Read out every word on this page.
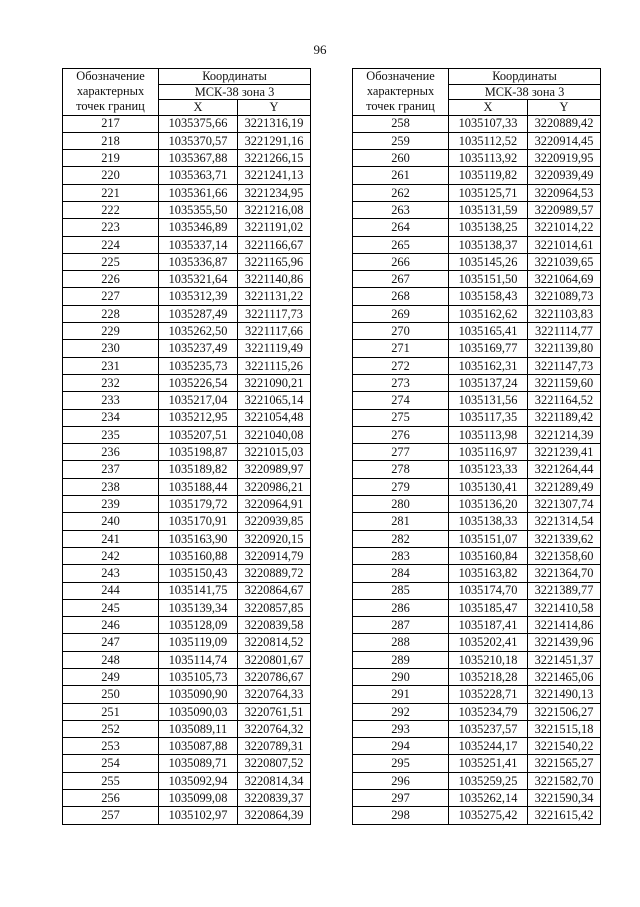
96
Обозначение
характерных
точек границ	Координаты	
	МСК-38 зона 3	
	X	Y
217	1035375,66	3221316,19
218	1035370,57	3221291,16
219	1035367,88	3221266,15
220	1035363,71	3221241,13
221	1035361,66	3221234,95
222	1035355,50	3221216,08
223	1035346,89	3221191,02
224	1035337,14	3221166,67
225	1035336,87	3221165,96
226	1035321,64	3221140,86
227	1035312,39	3221131,22
228	1035287,49	3221117,73
229	1035262,50	3221117,66
230	1035237,49	3221119,49
231	1035235,73	3221115,26
232	1035226,54	3221090,21
233	1035217,04	3221065,14
234	1035212,95	3221054,48
235	1035207,51	3221040,08
236	1035198,87	3221015,03
237	1035189,82	3220989,97
238	1035188,44	3220986,21
239	1035179,72	3220964,91
240	1035170,91	3220939,85
241	1035163,90	3220920,15
242	1035160,88	3220914,79
243	1035150,43	3220889,72
244	1035141,75	3220864,67
245	1035139,34	3220857,85
246	1035128,09	3220839,58
247	1035119,09	3220814,52
248	1035114,74	3220801,67
249	1035105,73	3220786,67
250	1035090,90	3220764,33
251	1035090,03	3220761,51
252	1035089,11	3220764,32
253	1035087,88	3220789,31
254	1035089,71	3220807,52
255	1035092,94	3220814,34
256	1035099,08	3220839,37
257	1035102,97	3220864,39
Обозначение
характерных
точек границ	Координаты	
	МСК-38 зона 3	
	X	Y
258	1035107,33	3220889,42
259	1035112,52	3220914,45
260	1035113,92	3220919,95
261	1035119,82	3220939,49
262	1035125,71	3220964,53
263	1035131,59	3220989,57
264	1035138,25	3221014,22
265	1035138,37	3221014,61
266	1035145,26	3221039,65
267	1035151,50	3221064,69
268	1035158,43	3221089,73
269	1035162,62	3221103,83
270	1035165,41	3221114,77
271	1035169,77	3221139,80
272	1035162,31	3221147,73
273	1035137,24	3221159,60
274	1035131,56	3221164,52
275	1035117,35	3221189,42
276	1035113,98	3221214,39
277	1035116,97	3221239,41
278	1035123,33	3221264,44
279	1035130,41	3221289,49
280	1035136,20	3221307,74
281	1035138,33	3221314,54
282	1035151,07	3221339,62
283	1035160,84	3221358,60
284	1035163,82	3221364,70
285	1035174,70	3221389,77
286	1035185,47	3221410,58
287	1035187,41	3221414,86
288	1035202,41	3221439,96
289	1035210,18	3221451,37
290	1035218,28	3221465,06
291	1035228,71	3221490,13
292	1035234,79	3221506,27
293	1035237,57	3221515,18
294	1035244,17	3221540,22
295	1035251,41	3221565,27
296	1035259,25	3221582,70
297	1035262,14	3221590,34
298	1035275,42	3221615,42
